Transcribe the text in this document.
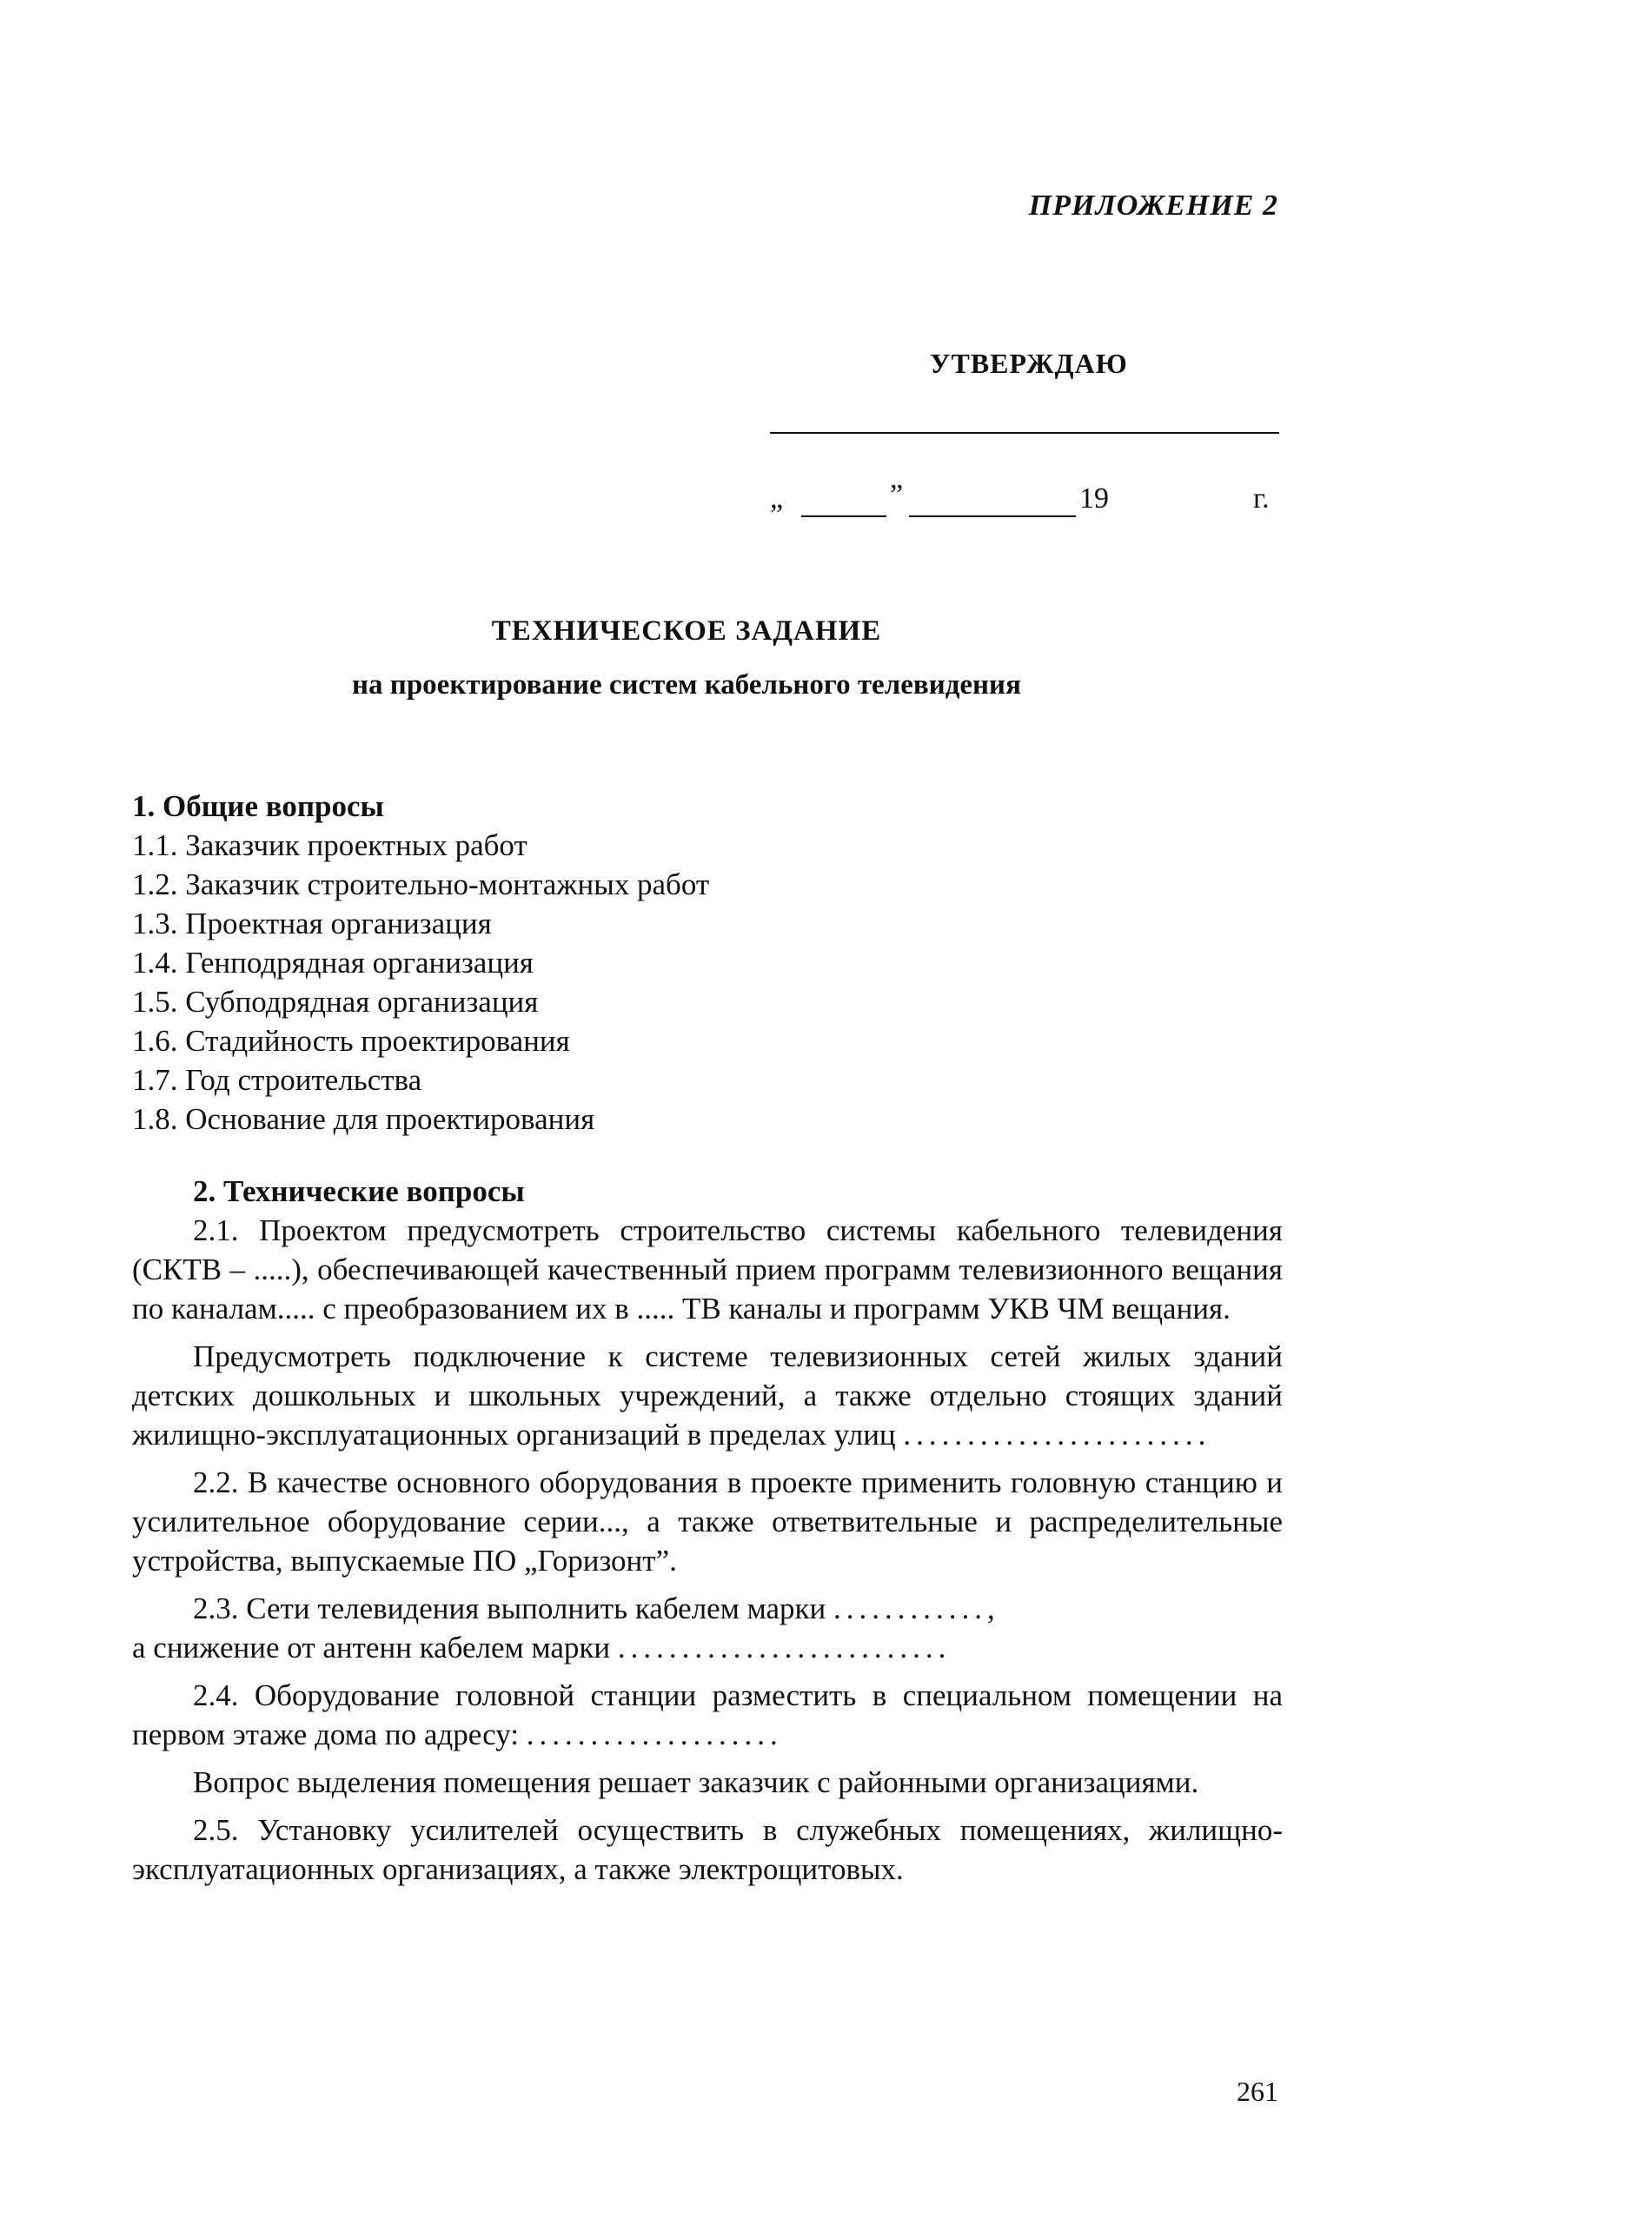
ПРИЛОЖЕНИЕ 2
УТВЕРЖДАЮ
„	”	19	г.
ТЕХНИЧЕСКОЕ ЗАДАНИЕ
на проектирование систем кабельного телевидения
1. Общие вопросы
1.1. Заказчик проектных работ
1.2. Заказчик строительно-монтажных работ
1.3. Проектная организация
1.4. Генподрядная организация
1.5. Субподрядная организация
1.6. Стадийность проектирования
1.7. Год строительства
1.8. Основание для проектирования
2. Технические вопросы

2.1. Проектом предусмотреть строительство системы кабельного телевидения (СКТВ – .....), обеспечивающей качественный прием программ телевизионного вещания по каналам..... с преобразованием их в ..... ТВ каналы и программ УКВ ЧМ вещания.

Предусмотреть подключение к системе телевизионных сетей жилых зданий детских дошкольных и школьных учреждений, а также отдельно стоящих зданий жилищно-эксплуатационных организаций в пределах улиц ........................

2.2. В качестве основного оборудования в проекте применить головную станцию и усилительное оборудование серии..., а также ответвительные и распределительные устройства, выпускаемые ПО „Горизонт”.

2.3. Сети телевидения выполнить кабелем марки ............,
а снижение от антенн кабелем марки ..........................

2.4. Оборудование головной станции разместить в специальном помещении на первом этаже дома по адресу: ....................

Вопрос выделения помещения решает заказчик с районными организациями.

2.5. Установку усилителей осуществить в служебных помещениях, жилищно-эксплуатационных организациях, а также электрощитовых.

261
